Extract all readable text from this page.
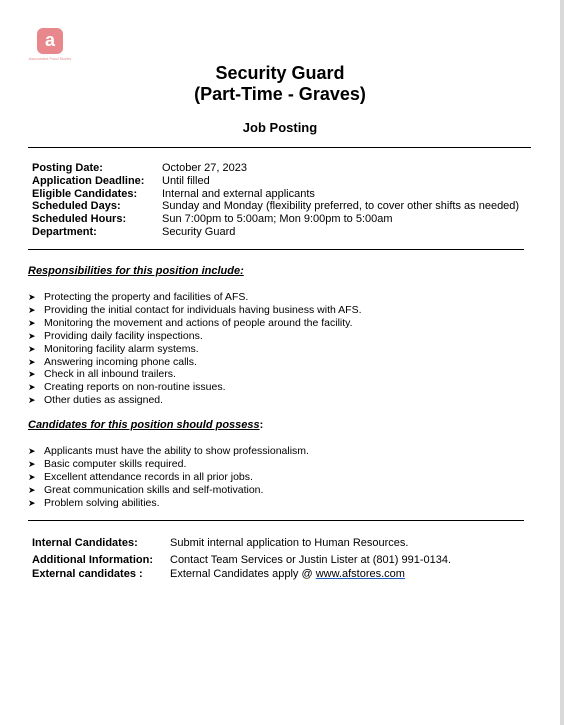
a
Associated Food Stores
Security Guard
(Part-Time - Graves)
Job Posting
Posting Date:	October 27, 2023
Application Deadline:	Until filled
Eligible Candidates:	Internal and external applicants
Scheduled Days:	Sunday and Monday (flexibility preferred, to cover other shifts as needed)
Scheduled Hours:	Sun 7:00pm to 5:00am; Mon 9:00pm to 5:00am
Department:	Security Guard
Responsibilities for this position include:
➤ Protecting the property and facilities of AFS.
➤ Providing the initial contact for individuals having business with AFS.
➤ Monitoring the movement and actions of people around the facility.
➤ Providing daily facility inspections.
➤ Monitoring facility alarm systems.
➤ Answering incoming phone calls.
➤ Check in all inbound trailers.
➤ Creating reports on non-routine issues.
➤ Other duties as assigned.
Candidates for this position should possess:
➤ Applicants must have the ability to show professionalism.
➤ Basic computer skills required.
➤ Excellent attendance records in all prior jobs.
➤ Great communication skills and self-motivation.
➤ Problem solving abilities.
Internal Candidates:	Submit internal application to Human Resources.
Additional Information:	Contact Team Services or Justin Lister at (801) 991-0134.
External candidates :	External Candidates apply @ www.afstores.com
